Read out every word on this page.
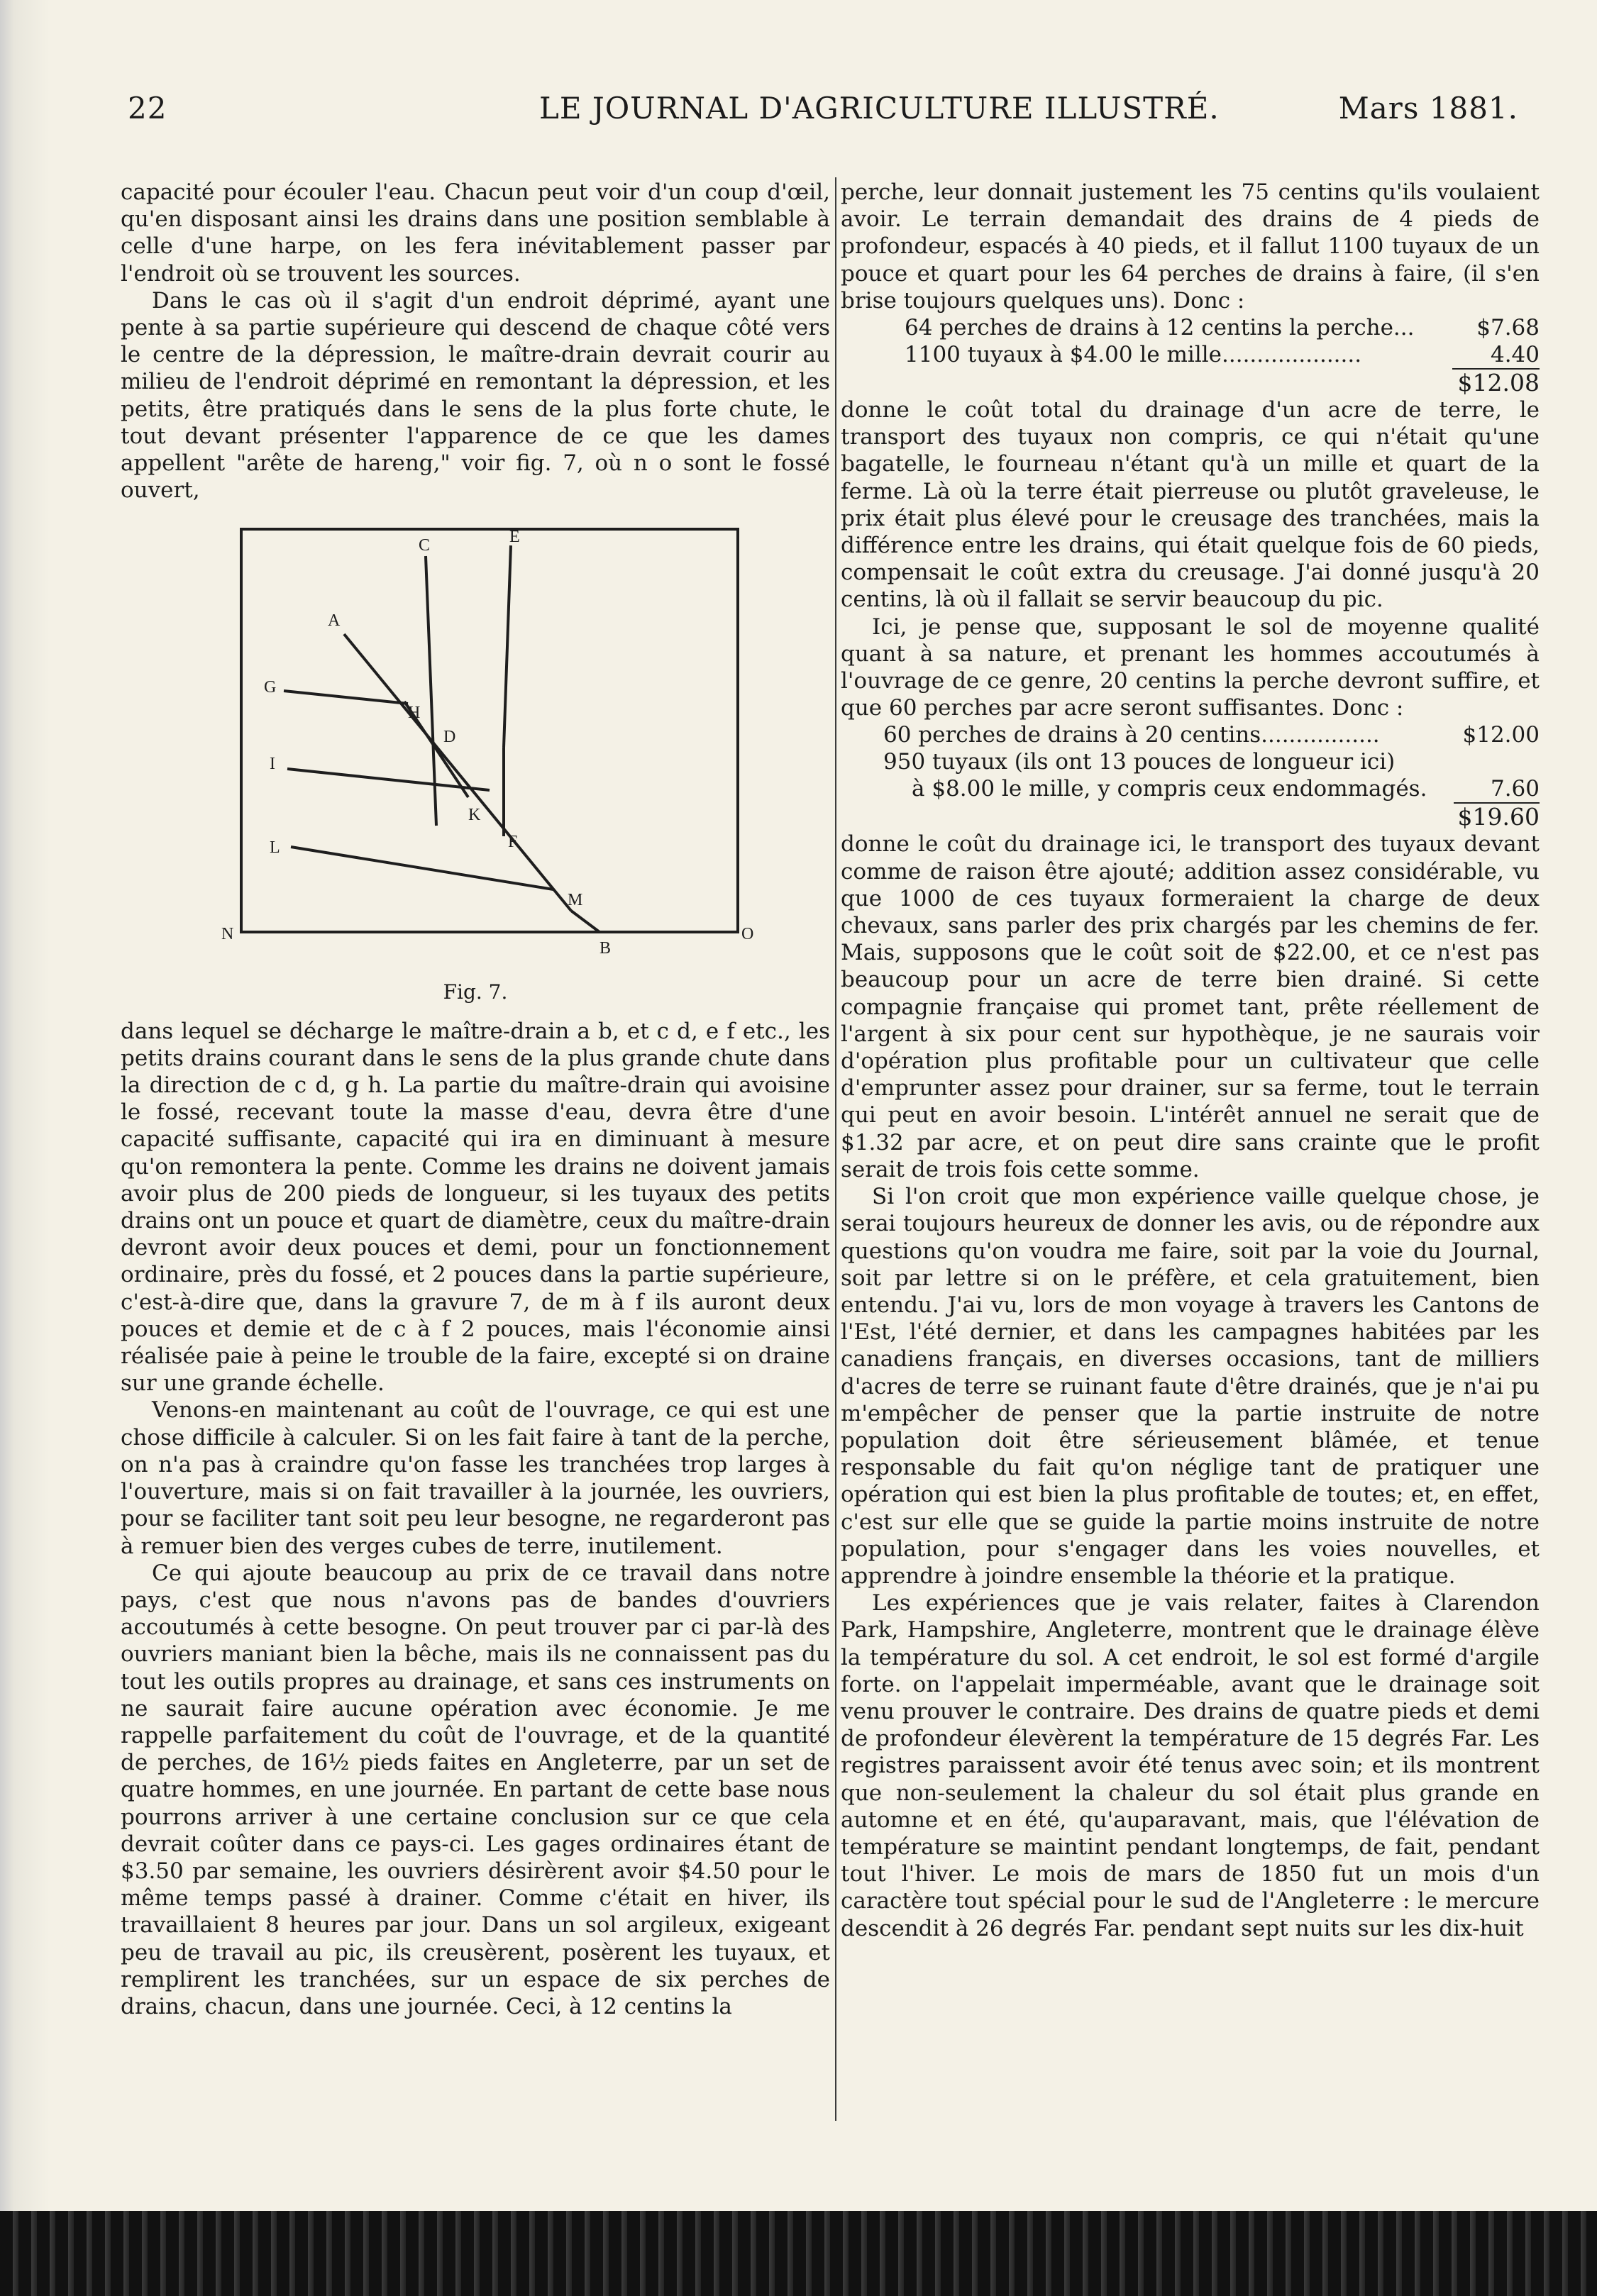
22	LE JOURNAL D'AGRICULTURE ILLUSTRÉ.	Mars 1881.

capacité pour écouler l'eau. Chacun peut voir d'un coup d'œil, qu'en disposant ainsi les drains dans une position semblable à celle d'une harpe, on les fera inévitablement passer par l'endroit où se trouvent les sources.

Dans le cas où il s'agit d'un endroit déprimé, ayant une pente à sa partie supérieure qui descend de chaque côté vers le centre de la dépression, le maître-drain devrait courir au milieu de l'endroit déprimé en remontant la dépression, et les petits, être pratiqués dans le sens de la plus forte chute, le tout devant présenter l'apparence de ce que les dames appellent "arête de hareng," voir fig. 7, où n o sont le fossé ouvert,

C	E
A
G
H
D
I
K
F
L
M
N
B
O
Fig. 7.

dans lequel se décharge le maître-drain a b, et c d, e f etc., les petits drains courant dans le sens de la plus grande chute dans la direction de c d, g h. La partie du maître-drain qui avoisine le fossé, recevant toute la masse d'eau, devra être d'une capacité suffisante, capacité qui ira en diminuant à mesure qu'on remontera la pente. Comme les drains ne doivent jamais avoir plus de 200 pieds de longueur, si les tuyaux des petits drains ont un pouce et quart de diamètre, ceux du maître-drain devront avoir deux pouces et demi, pour un fonctionnement ordinaire, près du fossé, et 2 pouces dans la partie supérieure, c'est-à-dire que, dans la gravure 7, de m à f ils auront deux pouces et demie et de c à f 2 pouces, mais l'économie ainsi réalisée paie à peine le trouble de la faire, excepté si on draine sur une grande échelle.

Venons-en maintenant au coût de l'ouvrage, ce qui est une chose difficile à calculer. Si on les fait faire à tant de la perche, on n'a pas à craindre qu'on fasse les tranchées trop larges à l'ouverture, mais si on fait travailler à la journée, les ouvriers, pour se faciliter tant soit peu leur besogne, ne regarderont pas à remuer bien des verges cubes de terre, inutilement.

Ce qui ajoute beaucoup au prix de ce travail dans notre pays, c'est que nous n'avons pas de bandes d'ouvriers accoutumés à cette besogne. On peut trouver par ci par-là des ouvriers maniant bien la bêche, mais ils ne connaissent pas du tout les outils propres au drainage, et sans ces instruments on ne saurait faire aucune opération avec économie. Je me rappelle parfaitement du coût de l'ouvrage, et de la quantité de perches, de 16½ pieds faites en Angleterre, par un set de quatre hommes, en une journée. En partant de cette base nous pourrons arriver à une certaine conclusion sur ce que cela devrait coûter dans ce pays-ci. Les gages ordinaires étant de $3.50 par semaine, les ouvriers désirèrent avoir $4.50 pour le même temps passé à drainer. Comme c'était en hiver, ils travaillaient 8 heures par jour. Dans un sol argileux, exigeant peu de travail au pic, ils creusèrent, posèrent les tuyaux, et remplirent les tranchées, sur un espace de six perches de drains, chacun, dans une journée. Ceci, à 12 centins la

perche, leur donnait justement les 75 centins qu'ils voulaient avoir. Le terrain demandait des drains de 4 pieds de profondeur, espacés à 40 pieds, et il fallut 1100 tuyaux de un pouce et quart pour les 64 perches de drains à faire, (il s'en brise toujours quelques uns). Donc :

64 perches de drains à 12 centins la perche...	$7.68
1100 tuyaux à $4.00 le mille....................	4.40
	$12.08

donne le coût total du drainage d'un acre de terre, le transport des tuyaux non compris, ce qui n'était qu'une bagatelle, le fourneau n'étant qu'à un mille et quart de la ferme. Là où la terre était pierreuse ou plutôt graveleuse, le prix était plus élevé pour le creusage des tranchées, mais la différence entre les drains, qui était quelque fois de 60 pieds, compensait le coût extra du creusage. J'ai donné jusqu'à 20 centins, là où il fallait se servir beaucoup du pic.

Ici, je pense que, supposant le sol de moyenne qualité quant à sa nature, et prenant les hommes accoutumés à l'ouvrage de ce genre, 20 centins la perche devront suffire, et que 60 perches par acre seront suffisantes. Donc :

60 perches de drains à 20 centins.................	$12.00
950 tuyaux (ils ont 13 pouces de longueur ici)	
à $8.00 le mille, y compris ceux endommagés.	7.60
	$19.60

donne le coût du drainage ici, le transport des tuyaux devant comme de raison être ajouté; addition assez considérable, vu que 1000 de ces tuyaux formeraient la charge de deux chevaux, sans parler des prix chargés par les chemins de fer. Mais, supposons que le coût soit de $22.00, et ce n'est pas beaucoup pour un acre de terre bien drainé. Si cette compagnie française qui promet tant, prête réellement de l'argent à six pour cent sur hypothèque, je ne saurais voir d'opération plus profitable pour un cultivateur que celle d'emprunter assez pour drainer, sur sa ferme, tout le terrain qui peut en avoir besoin. L'intérêt annuel ne serait que de $1.32 par acre, et on peut dire sans crainte que le profit serait de trois fois cette somme.

Si l'on croit que mon expérience vaille quelque chose, je serai toujours heureux de donner les avis, ou de répondre aux questions qu'on voudra me faire, soit par la voie du Journal, soit par lettre si on le préfère, et cela gratuitement, bien entendu. J'ai vu, lors de mon voyage à travers les Cantons de l'Est, l'été dernier, et dans les campagnes habitées par les canadiens français, en diverses occasions, tant de milliers d'acres de terre se ruinant faute d'être drainés, que je n'ai pu m'empêcher de penser que la partie instruite de notre population doit être sérieusement blâmée, et tenue responsable du fait qu'on néglige tant de pratiquer une opération qui est bien la plus profitable de toutes; et, en effet, c'est sur elle que se guide la partie moins instruite de notre population, pour s'engager dans les voies nouvelles, et apprendre à joindre ensemble la théorie et la pratique.

Les expériences que je vais relater, faites à Clarendon Park, Hampshire, Angleterre, montrent que le drainage élève la température du sol. A cet endroit, le sol est formé d'argile forte. on l'appelait imperméable, avant que le drainage soit venu prouver le contraire. Des drains de quatre pieds et demi de profondeur élevèrent la température de 15 degrés Far. Les registres paraissent avoir été tenus avec soin; et ils montrent que non-seulement la chaleur du sol était plus grande en automne et en été, qu'auparavant, mais, que l'élévation de température se maintint pendant longtemps, de fait, pendant tout l'hiver. Le mois de mars de 1850 fut un mois d'un caractère tout spécial pour le sud de l'Angleterre : le mercure descendit à 26 degrés Far. pendant sept nuits sur les dix-huit
